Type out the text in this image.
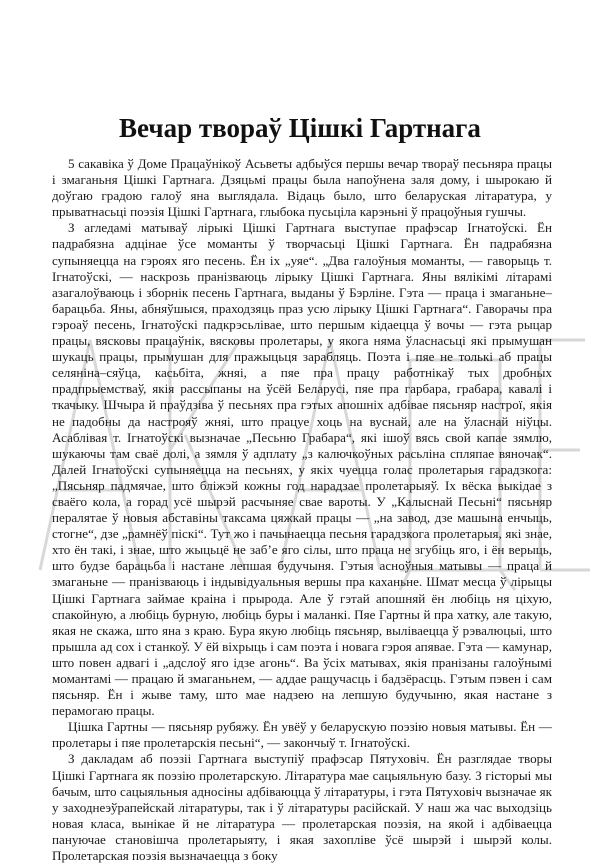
Вечар твораў Цішкі Гартнага

5 сакавіка ў Доме Працаўнікоў Асьветы адбыўся першы вечар твораў песьняра працы і змаганьня Цішкі Гартнага. Дзяцьмі працы была напоўнена заля дому, і шырокаю й доўгаю градою галоў яна выглядала. Відаць было, што беларуская літаратура, у прыватнасьці поэзія Цішкі Гартнага, глыбока пусьціла карэньні ў працоўныя гушчы.

З агледамі матываў лірыкі Цішкі Гартнага выступае прафэсар Ігнатоўскі. Ён падрабязна адцінае ўсе моманты ў творчасьці Цішкі Гартнага. Ён падрабязна супыняецца на гэроях яго песень. Ён іх „уяе“. „Два галоўныя моманты, — гаворыць т. Ігнатоўскі, — наскрозь пранізваюць лірыку Цішкі Гартнага. Яны вялікімі літарамі азагалоўваюць і зборнік песень Гартнага, выданы ў Бэрліне. Гэта — праца і змаганьне–барацьба. Яны, абняўшыся, праходзяць праз усю лірыку Цішкі Гартнага“. Гаворачы пра гэроаў песень, Ігнатоўскі падкрэсьлівае, што першым кідаецца ў вочы — гэта рыцар працы, вясковы працаўнік, вясковы пролетары, у якога няма ўласнасьці які прымушан шукаць працы, прымушан для пражыцьця зарабляць. Поэта і пяе не толькі аб працы селяніна–сяўца, касьбіта, жняі, а пяе пра працу работнікаў тых дробных прадпрыемстваў, якія рассыпаны на ўсёй Беларусі, пяе пра гарбара, грабара, кавалі і ткачыку. Шчыра й праўдзіва ў песьнях пра гэтых апошніх адбівае пясьняр настрої, якія не падобны да настрояў жняі, што працуе хоць на вуснай, але на ўласнай ніўцы. Асаблівая т. Ігнатоўскі вызначае „Песьню Грабара“, які ішоў вясь свой капае зямлю, шукаючы там сваё долі, а зямля ў адплату „з калючкоўных расьліна спляпае вяночак“. Далей Ігнатоўскі супыняецца на песьнях, у якіх чуецца голас пролетарыя гарадзкога: „Пясьняр падмячае, што бліжэй кожны год нарадзае пролетарыяў. Іх вёска выкідае з сваёго кола, а горад усё шырэй расчыняе свае вароты. У „Калыснай Песьні“ пясьняр пералятае ў новыя абставіны таксама цяжкай працы — „на завод, дзе машына енчыць, стогне“, дзе „рамнёў піскі“. Тут жо і пачынаецца песьня гарадзкога пролетарыя, які знае, хто ён такі, і знае, што жыцьцё не заб’е яго сілы, што праца не згубіць яго, і ён верыць, што будзе барацьба і настане лепшая будучыня. Гэтыя асноўныя матывы — праца й змаганьне — пранізваюць і індывідуальныя вершы пра каханьне. Шмат месца ў лірыцы Цішкі Гартнага займае краіна і прырода. Але ў гэтай апошняй ён любіць ня ціхую, спакойную, а любіць бурную, любіць буры і маланкі. Пяе Гартны й пра хатку, але такую, якая не скажа, што яна з краю. Бура якую любіць пясьняр, выліваецца ў рэвалюцыі, што прышла ад сох і станкоў. У ёй віхрыць і сам поэта і новага гэроя апявае. Гэта — камунар, што повен адвагі і „адслоў яго ідзе агонь“. Ва ўсіх матывах, якія пранізаны галоўнымі момантамі — працаю й змаганьнем, — аддае ращучасць і бадзёрасць. Гэтым пэвен і сам пясьняр. Ён і жыве таму, што мае надзею на лепшую будучыню, якая настане з перамогаю працы.

Цішка Гартны — пясьняр рубяжу. Ён увёў у беларускую поэзію новыя матывы. Ён — пролетары і пяе пролетарскія песьні“, — закончыў т. Ігнатоўскі.

З дакладам аб поэзіі Гартнага выступіў прафэсар Пятуховіч. Ён разглядае творы Цішкі Гартнага як поэзію пролетарскую. Літаратура мае сацыяльную базу. З гісторыі мы бачым, што сацыяльныя адносіны адбіваюцца ў літаратуры, і гэта Пятуховіч вызначае як у заходнеэўрапейскай літаратуры, так і ў літаратуры расійскай. У наш жа час выходзіць новая класа, вынікае й не літаратура — пролетарская поэзія, на якой і адбіваецца пануючае становішча пролетарыяту, і якая захопліве ўсё шырэй і шырэй колы. Пролетарская поэзія вызначаецца з боку
